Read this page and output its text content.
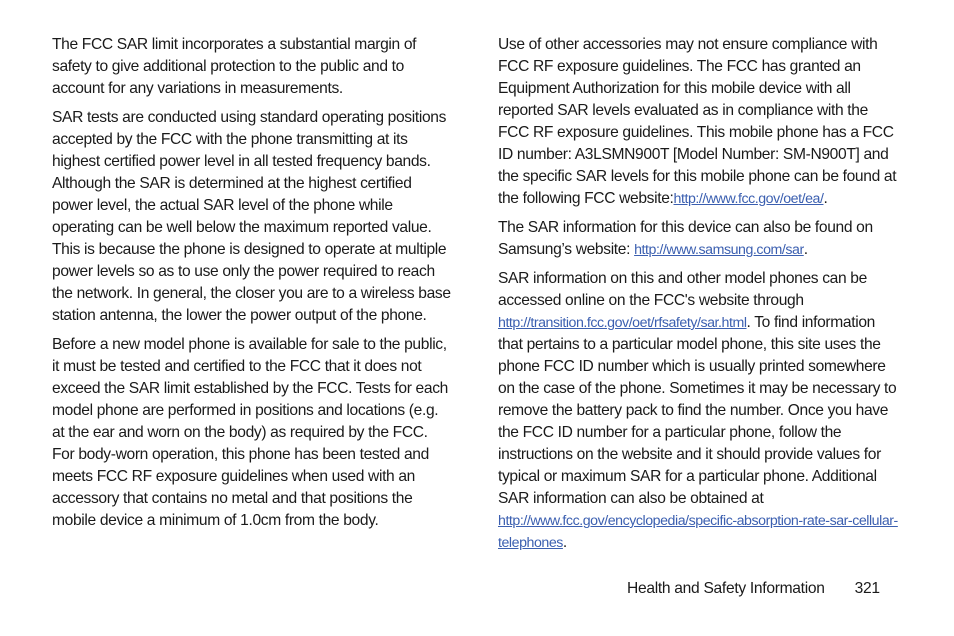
The FCC SAR limit incorporates a substantial margin of safety to give additional protection to the public and to account for any variations in measurements.

SAR tests are conducted using standard operating positions accepted by the FCC with the phone transmitting at its highest certified power level in all tested frequency bands. Although the SAR is determined at the highest certified power level, the actual SAR level of the phone while operating can be well below the maximum reported value. This is because the phone is designed to operate at multiple power levels so as to use only the power required to reach the network. In general, the closer you are to a wireless base station antenna, the lower the power output of the phone.

Before a new model phone is available for sale to the public, it must be tested and certified to the FCC that it does not exceed the SAR limit established by the FCC. Tests for each model phone are performed in positions and locations (e.g. at the ear and worn on the body) as required by the FCC. For body-worn operation, this phone has been tested and meets FCC RF exposure guidelines when used with an accessory that contains no metal and that positions the mobile device a minimum of 1.0cm from the body.

Use of other accessories may not ensure compliance with FCC RF exposure guidelines. The FCC has granted an Equipment Authorization for this mobile device with all reported SAR levels evaluated as in compliance with the FCC RF exposure guidelines. This mobile phone has a FCC ID number: A3LSMN900T [Model Number: SM-N900T] and the specific SAR levels for this mobile phone can be found at the following FCC website:http://www.fcc.gov/oet/ea/.

The SAR information for this device can also be found on Samsung’s website: http://www.samsung.com/sar.

SAR information on this and other model phones can be accessed online on the FCC's website through http://transition.fcc.gov/oet/rfsafety/sar.html. To find information that pertains to a particular model phone, this site uses the phone FCC ID number which is usually printed somewhere on the case of the phone. Sometimes it may be necessary to remove the battery pack to find the number. Once you have the FCC ID number for a particular phone, follow the instructions on the website and it should provide values for typical or maximum SAR for a particular phone. Additional SAR information can also be obtained at http://www.fcc.gov/encyclopedia/specific-absorption-rate-sar-cellular-telephones.

Health and Safety Information 321
